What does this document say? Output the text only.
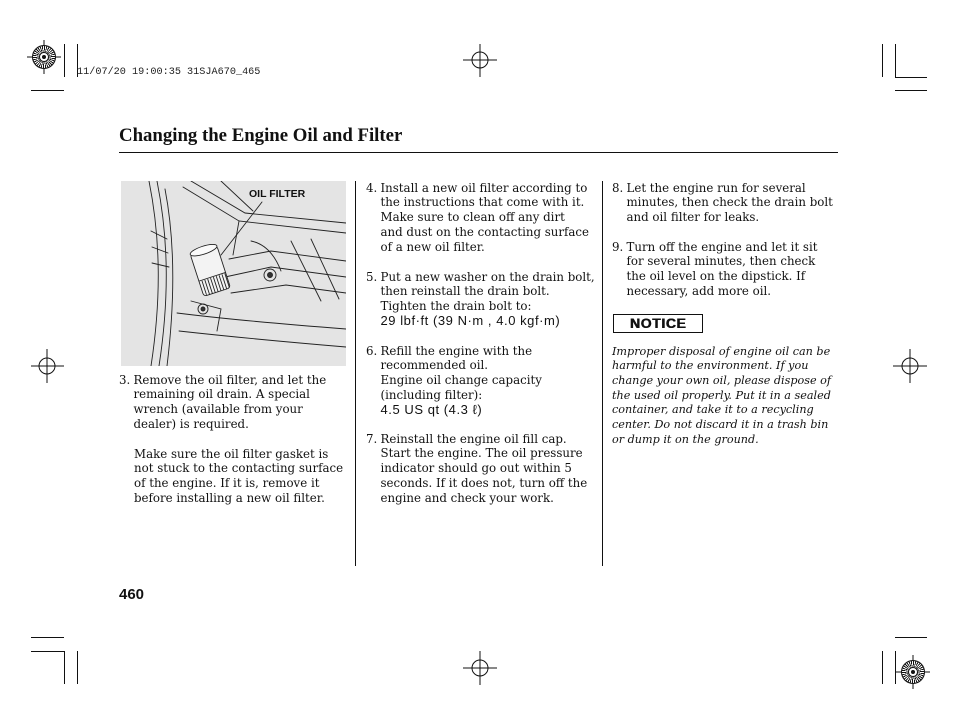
11/07/20 19:00:35 31SJA670_465
Changing the Engine Oil and Filter
OIL FILTER
3. Remove the oil filter, and let the
remaining oil drain. A special
wrench (available from your
dealer) is required.
Make sure the oil filter gasket is
not stuck to the contacting surface
of the engine. If it is, remove it
before installing a new oil filter.
4. Install a new oil filter according to
the instructions that come with it.
Make sure to clean off any dirt
and dust on the contacting surface
of a new oil filter.
5. Put a new washer on the drain bolt,
then reinstall the drain bolt.
Tighten the drain bolt to:
29 lbf·ft (39 N·m , 4.0 kgf·m)
6. Refill the engine with the
recommended oil.
Engine oil change capacity
(including filter):
4.5 US qt (4.3 ℓ)
7. Reinstall the engine oil fill cap.
Start the engine. The oil pressure
indicator should go out within 5
seconds. If it does not, turn off the
engine and check your work.
8. Let the engine run for several
minutes, then check the drain bolt
and oil filter for leaks.
9. Turn off the engine and let it sit
for several minutes, then check
the oil level on the dipstick. If
necessary, add more oil.
NOTICE
Improper disposal of engine oil can be
harmful to the environment. If you
change your own oil, please dispose of
the used oil properly. Put it in a sealed
container, and take it to a recycling
center. Do not discard it in a trash bin
or dump it on the ground.
460
